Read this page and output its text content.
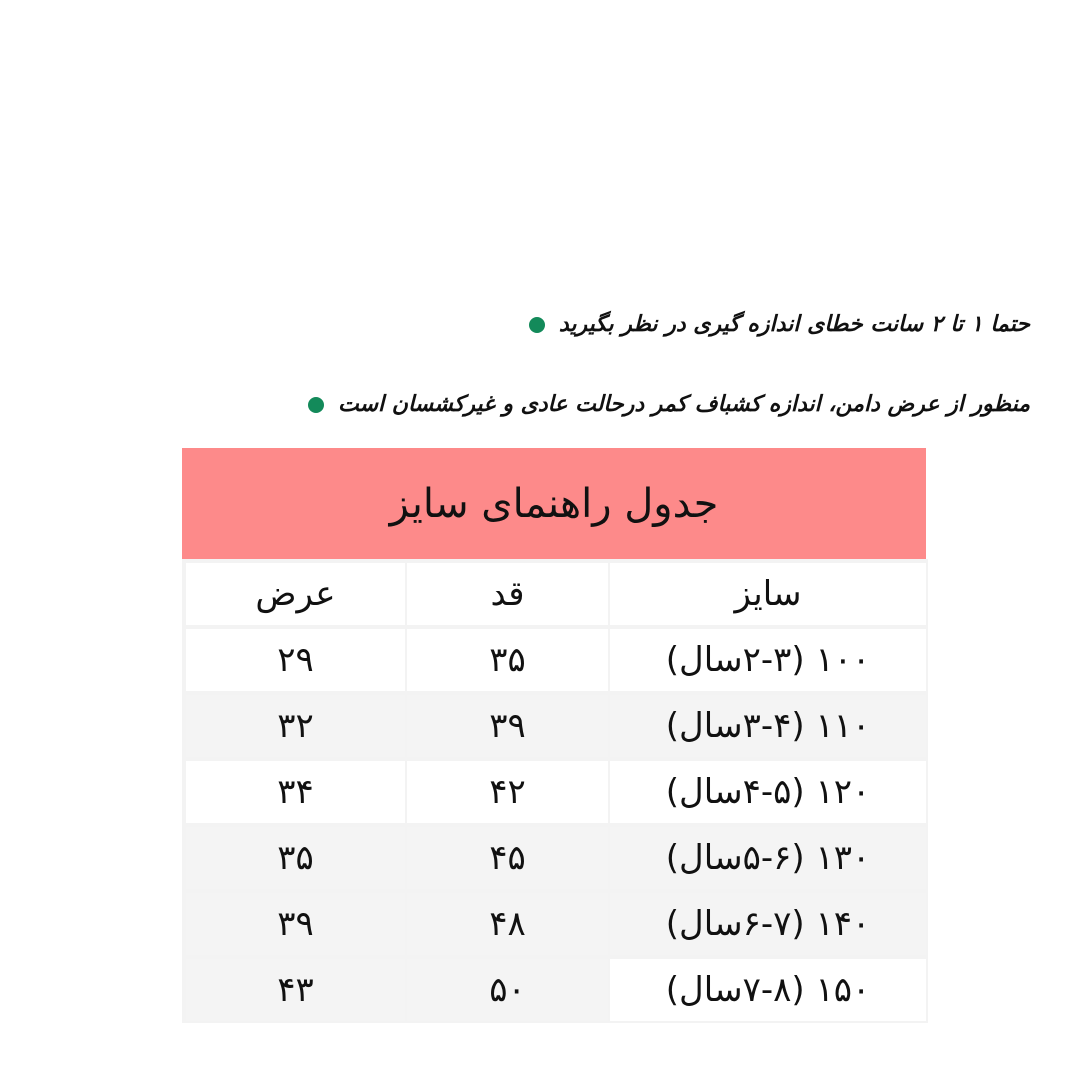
حتما ۱ تا ۲ سانت خطای اندازه گیری در نظر بگیرید
منظور از عرض دامن، اندازه کشباف کمر درحالت عادی و غیرکشسان است
جدول راهنمای سایز
عرض	قد	سایز
۲۹	۳۵	۱۰۰ (۲-۳سال)
۳۲	۳۹	۱۱۰ (۳-۴سال)
۳۴	۴۲	۱۲۰ (۴-۵سال)
۳۵	۴۵	۱۳۰ (۵-۶سال)
۳۹	۴۸	۱۴۰ (۶-۷سال)
۴۳	۵۰	۱۵۰ (۷-۸سال)
